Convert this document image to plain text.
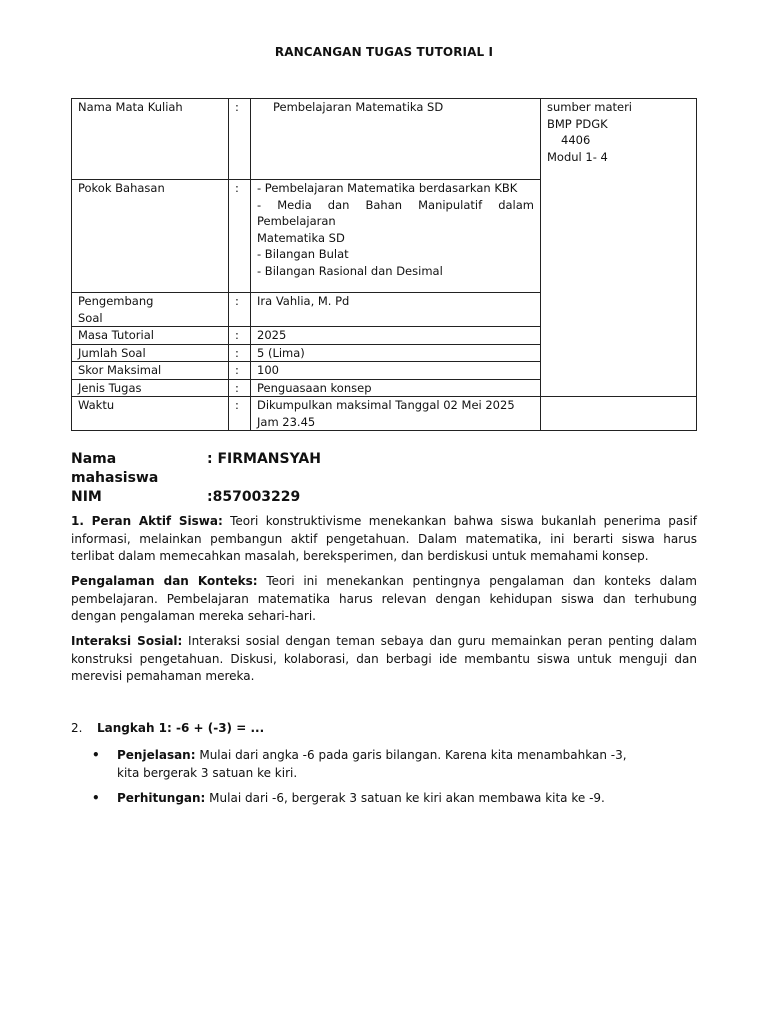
RANCANGAN TUGAS TUTORIAL I
Nama Mata Kuliah	:	Pembelajaran Matematika SD	sumber materi
BMP PDGK
4406
Modul 1- 4

Pokok Bahasan	:	- Pembelajaran Matematika berdasarkan KBK
- Media dan Bahan Manipulatif dalam Pembelajaran
Matematika SD
- Bilangan Bulat
- Bilangan Rasional dan Desimal	

Pengembang
Soal	:	Ira Vahlia, M. Pd	
Masa Tutorial	:	2025	
Jumlah Soal	:	5 (Lima)	
Skor Maksimal	:	100	
Jenis Tugas	:	Penguasaan konsep	
Waktu	:	Dikumpulkan maksimal Tanggal 02 Mei 2025
Jam 23.45	

Nama mahasiswa
: FIRMANSYAH
NIM	:857003229
1. Peran Aktif Siswa: Teori konstruktivisme menekankan bahwa siswa bukanlah penerima pasif informasi, melainkan pembangun aktif pengetahuan. Dalam matematika, ini berarti siswa harus terlibat dalam memecahkan masalah, bereksperimen, dan berdiskusi untuk memahami konsep.
Pengalaman dan Konteks: Teori ini menekankan pentingnya pengalaman dan konteks dalam pembelajaran. Pembelajaran matematika harus relevan dengan kehidupan siswa dan terhubung dengan pengalaman mereka sehari-hari.
Interaksi Sosial: Interaksi sosial dengan teman sebaya dan guru memainkan peran penting dalam konstruksi pengetahuan. Diskusi, kolaborasi, dan berbagi ide membantu siswa untuk menguji dan merevisi pemahaman mereka.
2. Langkah 1: -6 + (-3) = ...
• Penjelasan: Mulai dari angka -6 pada garis bilangan. Karena kita menambahkan -3, kita bergerak 3 satuan ke kiri.
• Perhitungan: Mulai dari -6, bergerak 3 satuan ke kiri akan membawa kita ke -9.
